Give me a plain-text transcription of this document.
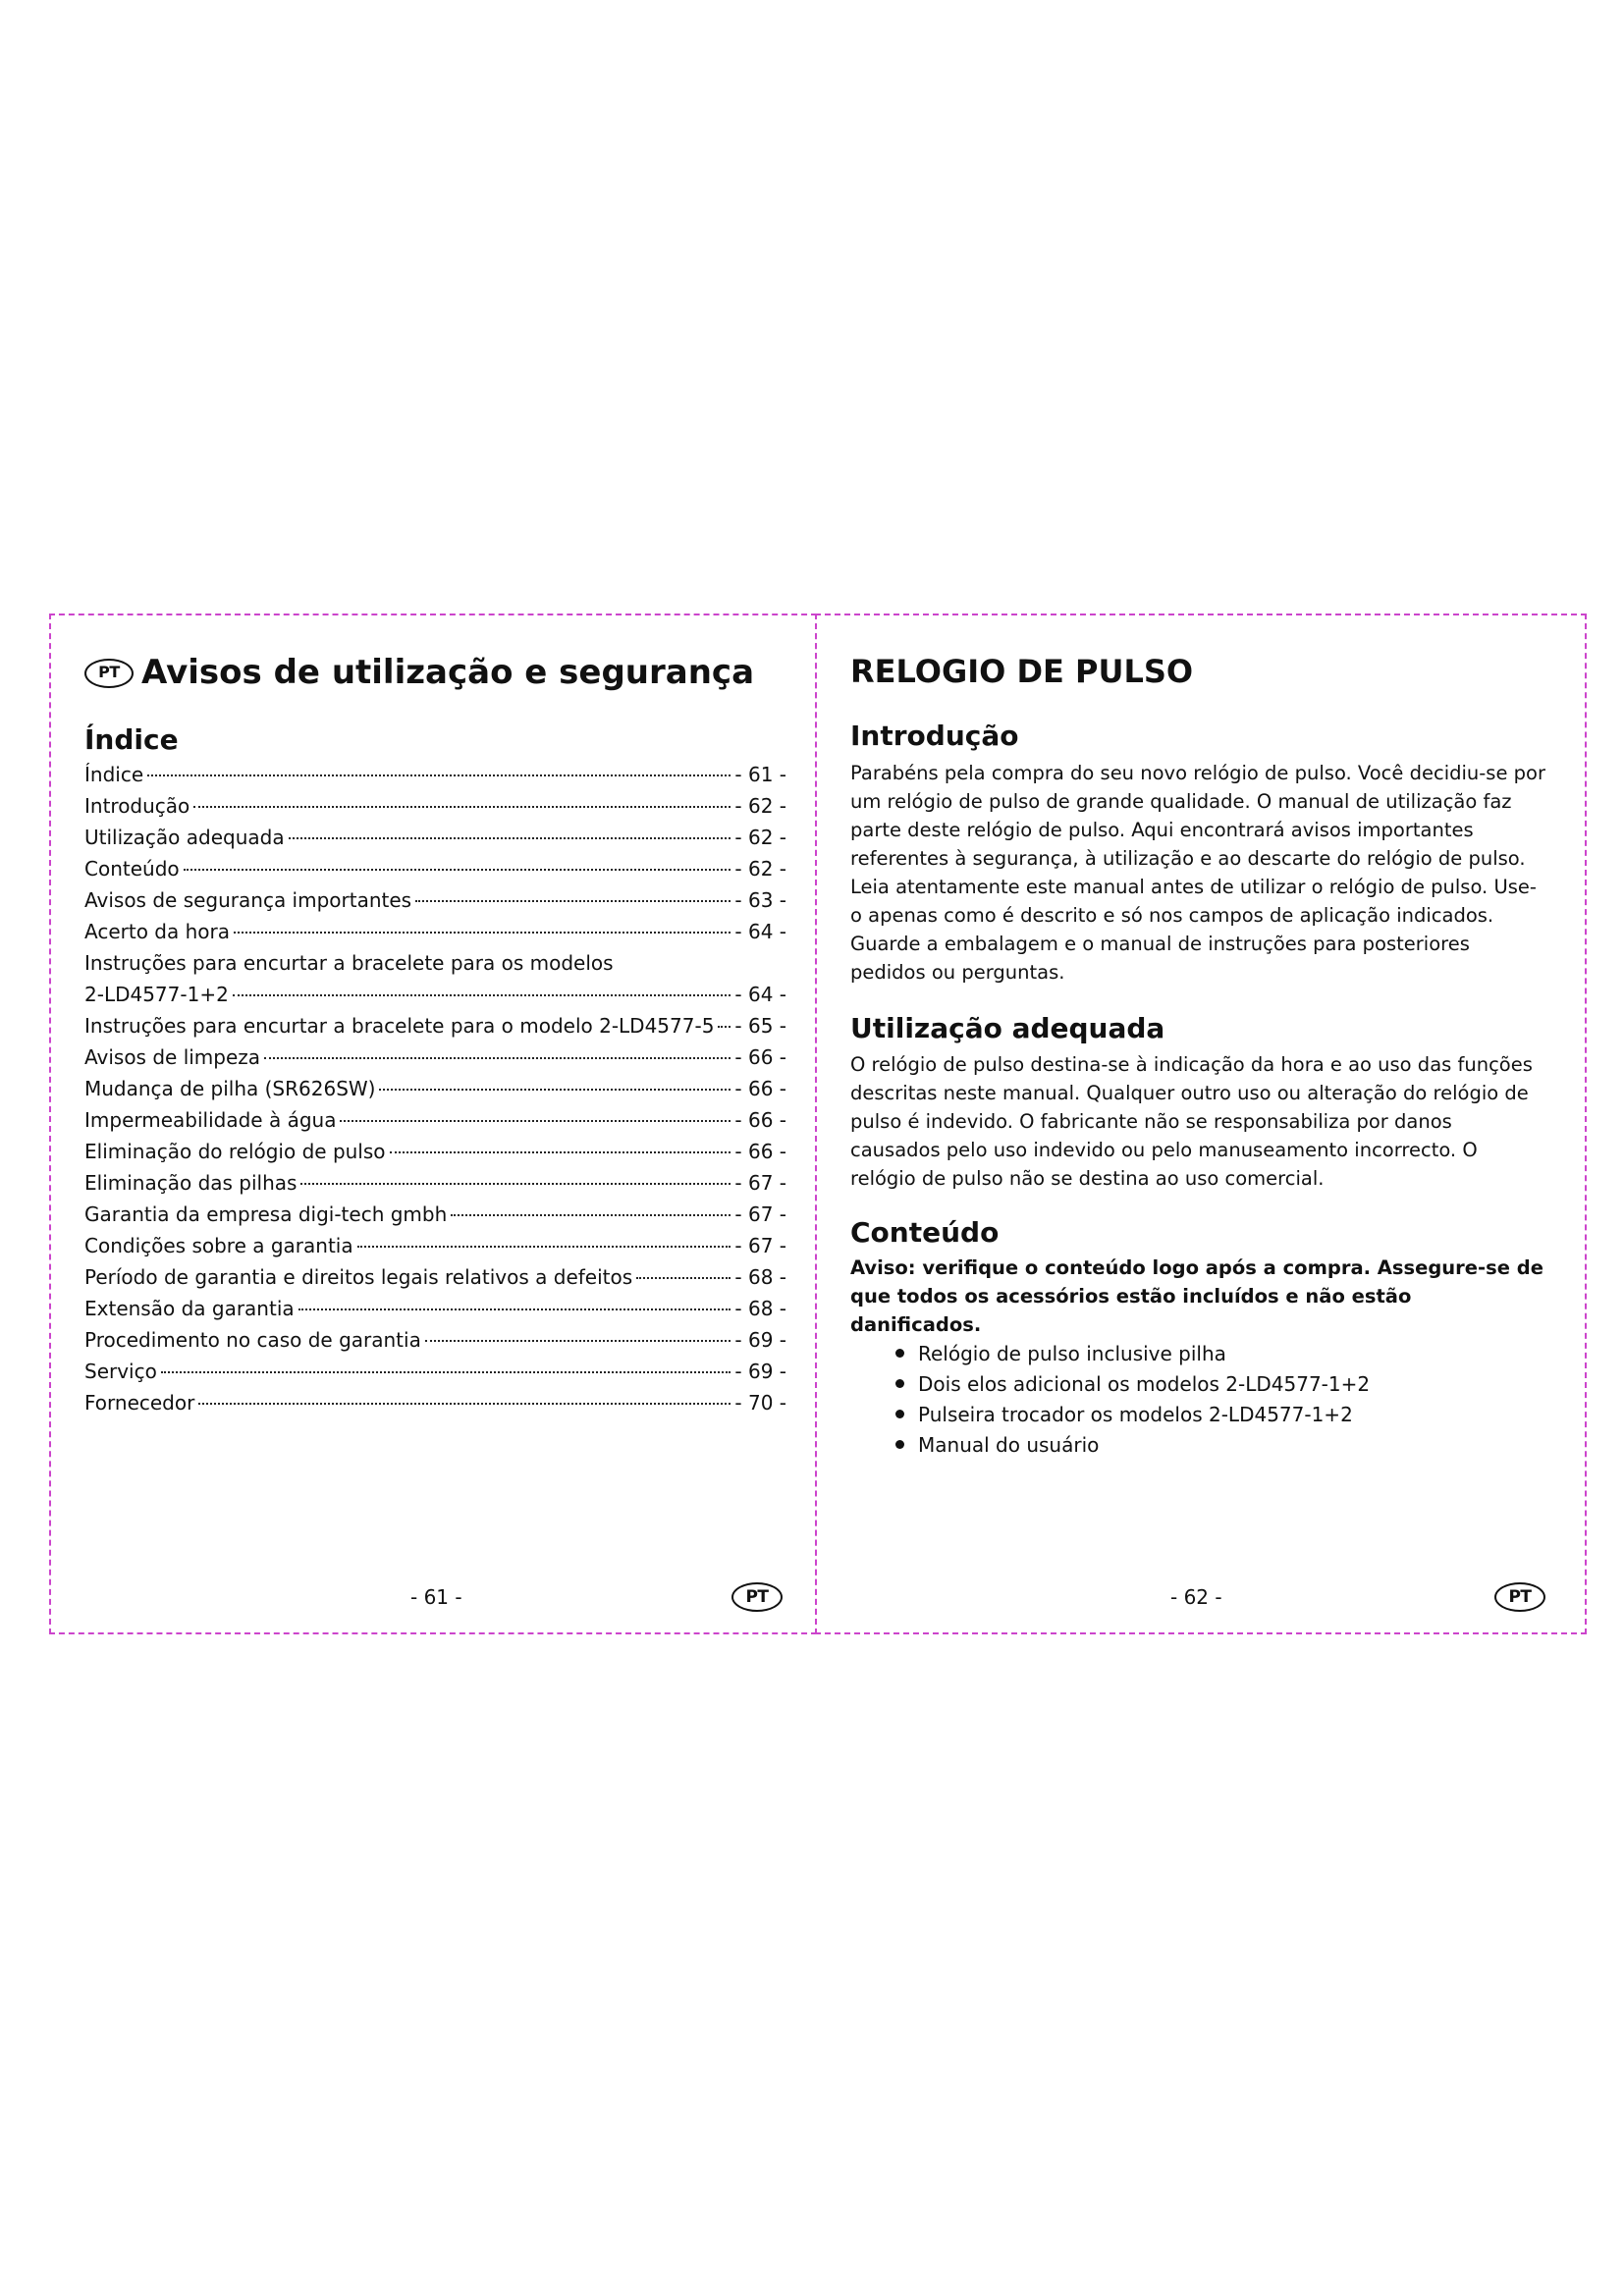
PT Avisos de utilização e segurança
Índice
Índice	- 61 -
Introdução	- 62 -
Utilização adequada	- 62 -
Conteúdo	- 62 -
Avisos de segurança importantes	- 63 -
Acerto da hora	- 64 -
Instruções para encurtar a bracelete para os modelos
2-LD4577-1+2	- 64 -
Instruções para encurtar a bracelete para o modelo 2-LD4577-5 - 65 -
Avisos de limpeza	- 66 -
Mudança de pilha (SR626SW)	- 66 -
Impermeabilidade à água	- 66 -
Eliminação do relógio de pulso	- 66 -
Eliminação das pilhas	- 67 -
Garantia da empresa digi-tech gmbh	- 67 -
Condições sobre a garantia	- 67 -
Período de garantia e direitos legais relativos a defeitos	- 68 -
Extensão da garantia	- 68 -
Procedimento no caso de garantia	- 69 -
Serviço	- 69 -
Fornecedor	- 70 -
- 61 -	PT
RELOGIO DE PULSO
Introdução

Parabéns pela compra do seu novo relógio de pulso. Você decidiu-se por um relógio de pulso de grande qualidade. O manual de utilização faz parte deste relógio de pulso. Aqui encontrará avisos importantes referentes à segurança, à utilização e ao descarte do relógio de pulso. Leia atentamente este manual antes de utilizar o relógio de pulso. Use-o apenas como é descrito e só nos campos de aplicação indicados. Guarde a embalagem e o manual de instruções para posteriores pedidos ou perguntas.

Utilização adequada

O relógio de pulso destina-se à indicação da hora e ao uso das funções descritas neste manual. Qualquer outro uso ou alteração do relógio de pulso é indevido. O fabricante não se responsabiliza por danos causados pelo uso indevido ou pelo manuseamento incorrecto. O relógio de pulso não se destina ao uso comercial.

Conteúdo

Aviso: verifique o conteúdo logo após a compra. Assegure-se de que todos os acessórios estão incluídos e não estão danificados.

Relógio de pulso inclusive pilha
Dois elos adicional os modelos 2-LD4577-1+2
Pulseira trocador os modelos 2-LD4577-1+2
Manual do usuário
- 62 -	PT
